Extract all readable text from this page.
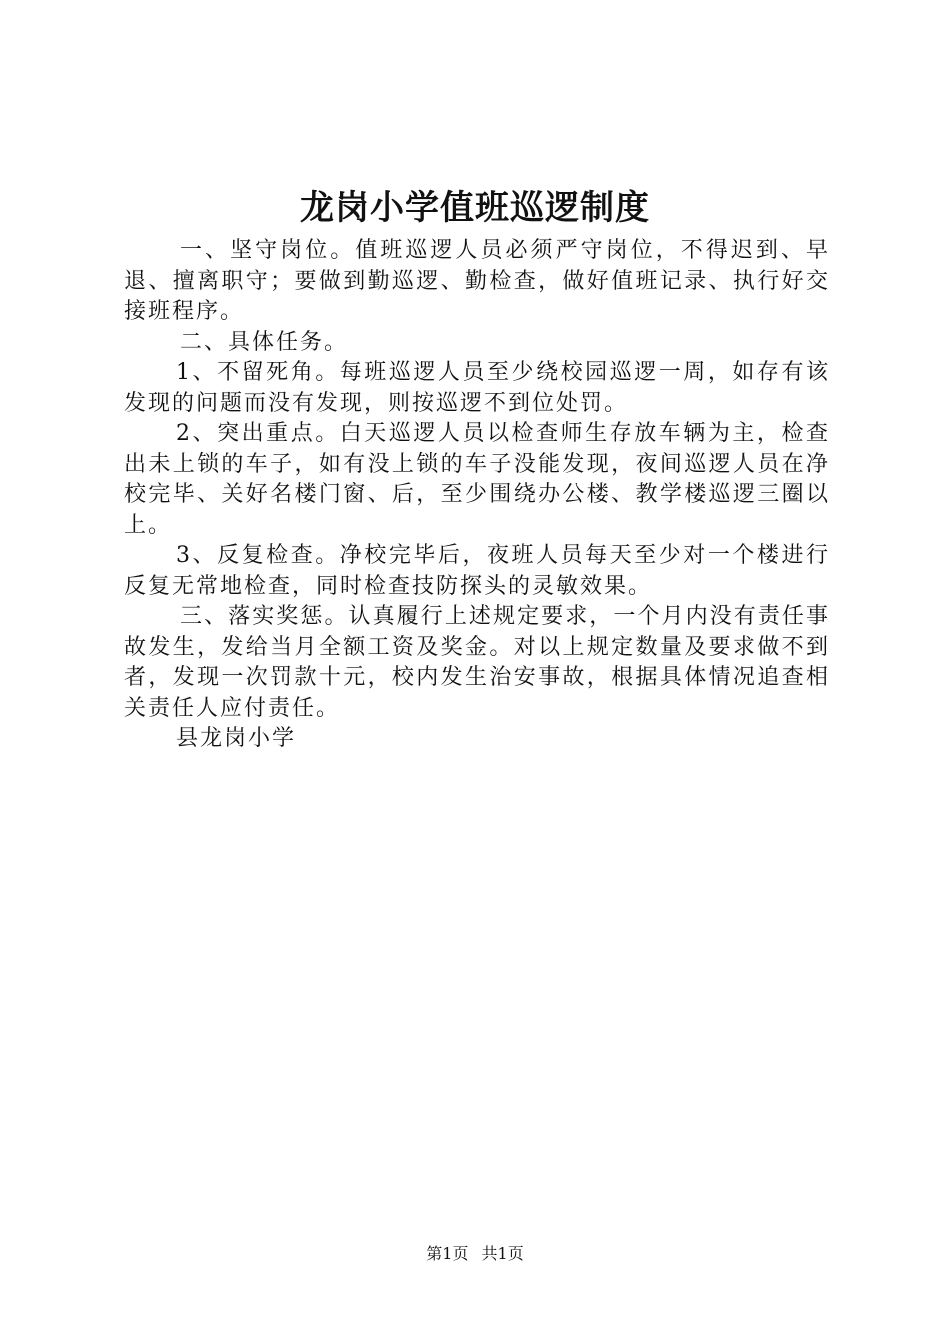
龙岗小学值班巡逻制度

一、坚守岗位。值班巡逻人员必须严守岗位，不得迟到、早退、擅离职守；要做到勤巡逻、勤检查，做好值班记录、执行好交接班程序。

二、具体任务。

1、不留死角。每班巡逻人员至少绕校园巡逻一周，如存有该发现的问题而没有发现，则按巡逻不到位处罚。

2、突出重点。白天巡逻人员以检查师生存放车辆为主，检查出未上锁的车子，如有没上锁的车子没能发现，夜间巡逻人员在净校完毕、关好名楼门窗、后，至少围绕办公楼、教学楼巡逻三圈以上。

3、反复检查。净校完毕后，夜班人员每天至少对一个楼进行反复无常地检查，同时检查技防探头的灵敏效果。

三、落实奖惩。认真履行上述规定要求，一个月内没有责任事故发生，发给当月全额工资及奖金。对以上规定数量及要求做不到者，发现一次罚款十元，校内发生治安事故，根据具体情况追查相关责任人应付责任。

县龙岗小学

第1页 共1页
